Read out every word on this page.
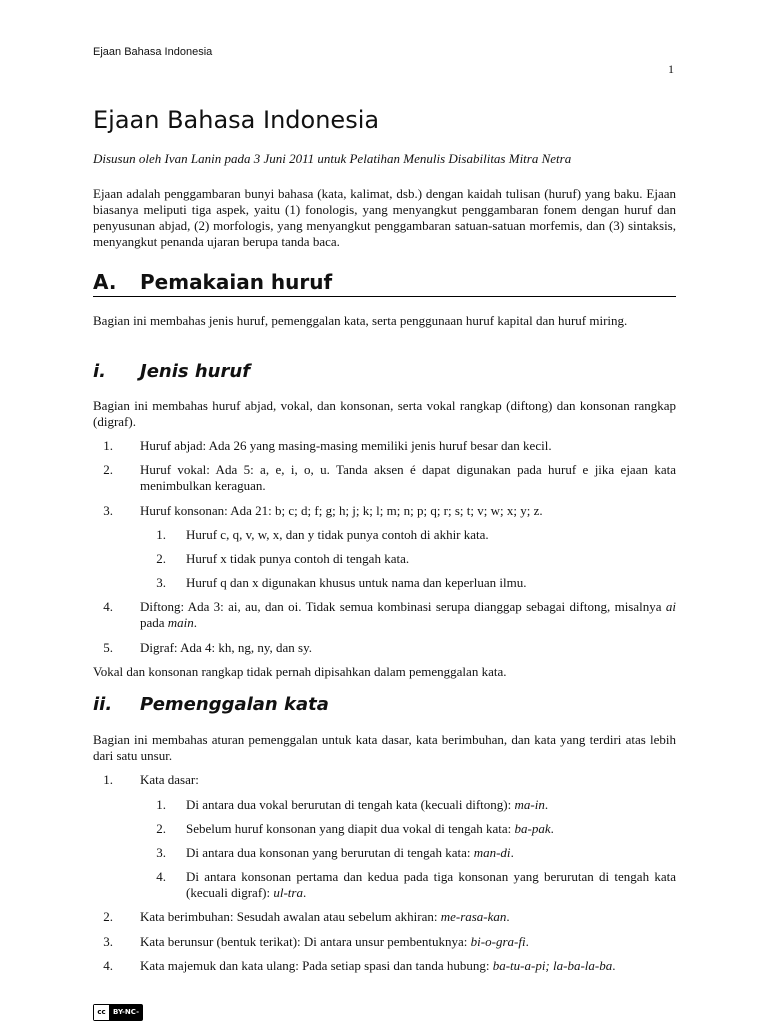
Ejaan Bahasa Indonesia
1
Ejaan Bahasa Indonesia
Disusun oleh Ivan Lanin pada 3 Juni 2011 untuk Pelatihan Menulis Disabilitas Mitra Netra

Ejaan adalah penggambaran bunyi bahasa (kata, kalimat, dsb.) dengan kaidah tulisan (huruf) yang baku. Ejaan biasanya meliputi tiga aspek, yaitu (1) fonologis, yang menyangkut penggambaran fonem dengan huruf dan penyusunan abjad, (2) morfologis, yang menyangkut penggambaran satuan-satuan morfemis, dan (3) sintaksis, menyangkut penanda ujaran berupa tanda baca.

A. Pemakaian huruf

Bagian ini membahas jenis huruf, pemenggalan kata, serta penggunaan huruf kapital dan huruf miring.

i. Jenis huruf

Bagian ini membahas huruf abjad, vokal, dan konsonan, serta vokal rangkap (diftong) dan konsonan rangkap (digraf).

1. Huruf abjad: Ada 26 yang masing-masing memiliki jenis huruf besar dan kecil.
2. Huruf vokal: Ada 5: a, e, i, o, u. Tanda aksen é dapat digunakan pada huruf e jika ejaan kata menimbulkan keraguan.
3. Huruf konsonan: Ada 21: b; c; d; f; g; h; j; k; l; m; n; p; q; r; s; t; v; w; x; y; z.
1. Huruf c, q, v, w, x, dan y tidak punya contoh di akhir kata.
2. Huruf x tidak punya contoh di tengah kata.
3. Huruf q dan x digunakan khusus untuk nama dan keperluan ilmu.
4. Diftong: Ada 3: ai, au, dan oi. Tidak semua kombinasi serupa dianggap sebagai diftong, misalnya ai pada main.
5. Digraf: Ada 4: kh, ng, ny, dan sy.

Vokal dan konsonan rangkap tidak pernah dipisahkan dalam pemenggalan kata.

ii. Pemenggalan kata

Bagian ini membahas aturan pemenggalan untuk kata dasar, kata berimbuhan, dan kata yang terdiri atas lebih dari satu unsur.

1. Kata dasar:
1. Di antara dua vokal berurutan di tengah kata (kecuali diftong): ma-in.
2. Sebelum huruf konsonan yang diapit dua vokal di tengah kata: ba-pak.
3. Di antara dua konsonan yang berurutan di tengah kata: man-di.
4. Di antara konsonan pertama dan kedua pada tiga konsonan yang berurutan di tengah kata (kecuali digraf): ul-tra.
2. Kata berimbuhan: Sesudah awalan atau sebelum akhiran: me-rasa-kan.
3. Kata berunsur (bentuk terikat): Di antara unsur pembentuknya: bi-o-gra-fi.
4. Kata majemuk dan kata ulang: Pada setiap spasi dan tanda hubung: ba-tu-a-pi; la-ba-la-ba.
cc	BY-NC-SA
